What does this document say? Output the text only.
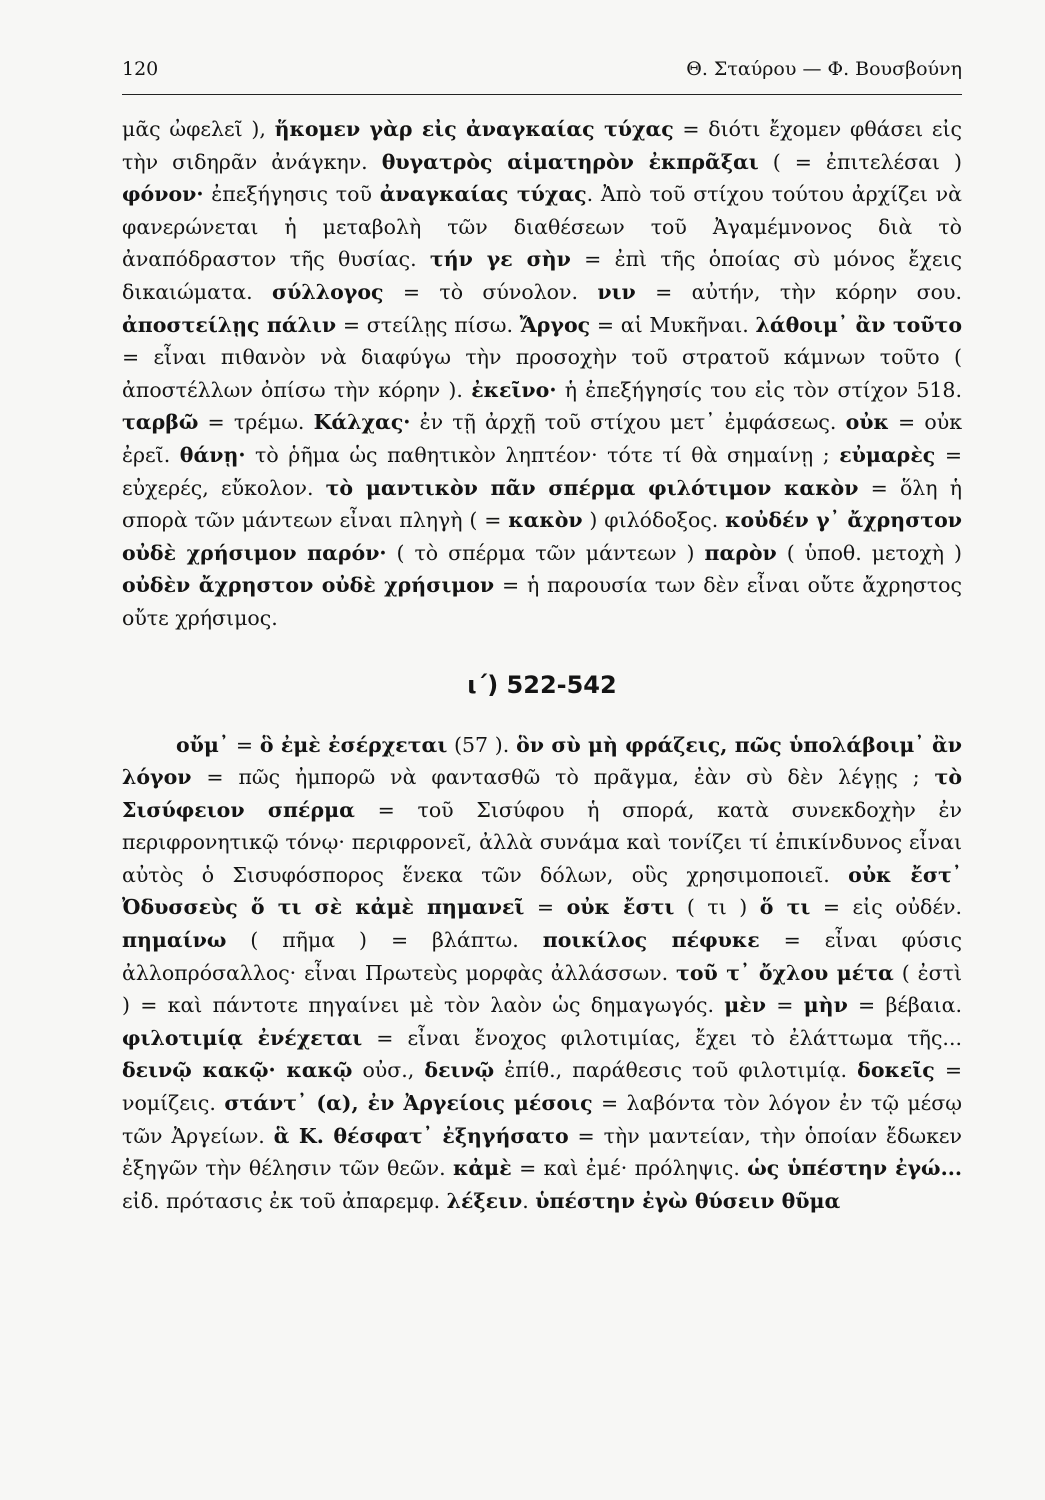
120	Θ. Σταύρου — Φ. Βουσβούνη

μᾶς ὠφελεῖ ), ἥκομεν γὰρ εἰς ἀναγκαίας τύχας = διότι ἔχομεν φθάσει εἰς τὴν σιδηρᾶν ἀνάγκην. θυγατρὸς αἱματηρὸν ἐκπρᾶξαι ( = ἐπιτελέσαι ) φόνον· ἐπεξήγησις τοῦ ἀναγκαίας τύχας. Ἀπὸ τοῦ στίχου τούτου ἀρχίζει νὰ φανερώνεται ἡ μεταβολὴ τῶν διαθέσεων τοῦ Ἀγαμέμνονος διὰ τὸ ἀναπόδραστον τῆς θυσίας. τήν γε σὴν = ἐπὶ τῆς ὁποίας σὺ μόνος ἔχεις δικαιώματα. σύλλογος = τὸ σύνολον. νιν = αὐτήν, τὴν κόρην σου. ἀποστείλῃς πάλιν = στείλῃς πίσω. Ἄργος = αἱ Μυκῆναι. λάθοιμ᾽ ἂν τοῦτο = εἶναι πιθανὸν νὰ διαφύγω τὴν προσοχὴν τοῦ στρατοῦ κάμνων τοῦτο ( ἀποστέλλων ὀπίσω τὴν κόρην ). ἐκεῖνο· ἡ ἐπεξήγησίς του εἰς τὸν στίχον 518. ταρβῶ = τρέμω. Κάλχας· ἐν τῇ ἀρχῇ τοῦ στίχου μετ᾽ ἐμφάσεως. οὐκ = οὐκ ἐρεῖ. θάνῃ· τὸ ῥῆμα ὡς παθητικὸν ληπτέον· τότε τί θὰ σημαίνῃ ; εὐμαρὲς = εὐχερές, εὔκολον. τὸ μαντικὸν πᾶν σπέρμα φιλότιμον κακὸν = ὅλη ἡ σπορὰ τῶν μάντεων εἶναι πληγὴ ( = κακὸν ) φιλόδοξος. κοὐδέν γ᾽ ἄχρηστον οὐδὲ χρήσιμον παρόν· ( τὸ σπέρμα τῶν μάντεων ) παρὸν ( ὑποθ. μετοχὴ ) οὐδὲν ἄχρηστον οὐδὲ χρήσιμον = ἡ παρουσία των δὲν εἶναι οὔτε ἄχρηστος οὔτε χρήσιμος.

ι΄) 522-542

οὔμ᾽ = ὃ ἐμὲ ἐσέρχεται (57 ). ὃν σὺ μὴ φράζεις, πῶς ὑπολάβοιμ᾽ ἂν λόγον = πῶς ἠμπορῶ νὰ φαντασθῶ τὸ πρᾶγμα, ἐὰν σὺ δὲν λέγῃς ; τὸ Σισύφειον σπέρμα = τοῦ Σισύφου ἡ σπορά, κατὰ συνεκδοχὴν ἐν περιφρονητικῷ τόνῳ· περιφρονεῖ, ἀλλὰ συνάμα καὶ τονίζει τί ἐπικίνδυνος εἶναι αὐτὸς ὁ Σισυφόσπορος ἕνεκα τῶν δόλων, οὓς χρησιμοποιεῖ. οὐκ ἔστ᾽ Ὀδυσσεὺς ὅ τι σὲ κἀμὲ πημανεῖ = οὐκ ἔστι ( τι ) ὅ τι = εἰς οὐδέν. πημαίνω ( πῆμα ) = βλάπτω. ποικίλος πέφυκε = εἶναι φύσις ἀλλοπρόσαλλος· εἶναι Πρωτεὺς μορφὰς ἀλλάσσων. τοῦ τ᾽ ὄχλου μέτα ( ἐστὶ ) = καὶ πάντοτε πηγαίνει μὲ τὸν λαὸν ὡς δημαγωγός. μὲν = μὴν = βέβαια. φιλοτιμίᾳ ἐνέχεται = εἶναι ἔνοχος φιλοτιμίας, ἔχει τὸ ἐλάττωμα τῆς... δεινῷ κακῷ· κακῷ οὐσ., δεινῷ ἐπίθ., παράθεσις τοῦ φιλοτιμίᾳ. δοκεῖς = νομίζεις. στάντ᾽ (α), ἐν Ἀργείοις μέσοις = λαβόντα τὸν λόγον ἐν τῷ μέσῳ τῶν Ἀργείων. ἃ Κ. θέσφατ᾽ ἐξηγήσατο = τὴν μαντείαν, τὴν ὁποίαν ἔδωκεν ἐξηγῶν τὴν θέλησιν τῶν θεῶν. κἀμὲ = καὶ ἐμέ· πρόληψις. ὡς ὑπέστην ἐγώ... εἰδ. πρότασις ἐκ τοῦ ἀπαρεμφ. λέξειν. ὑπέστην ἐγὼ θύσειν θῦμα
